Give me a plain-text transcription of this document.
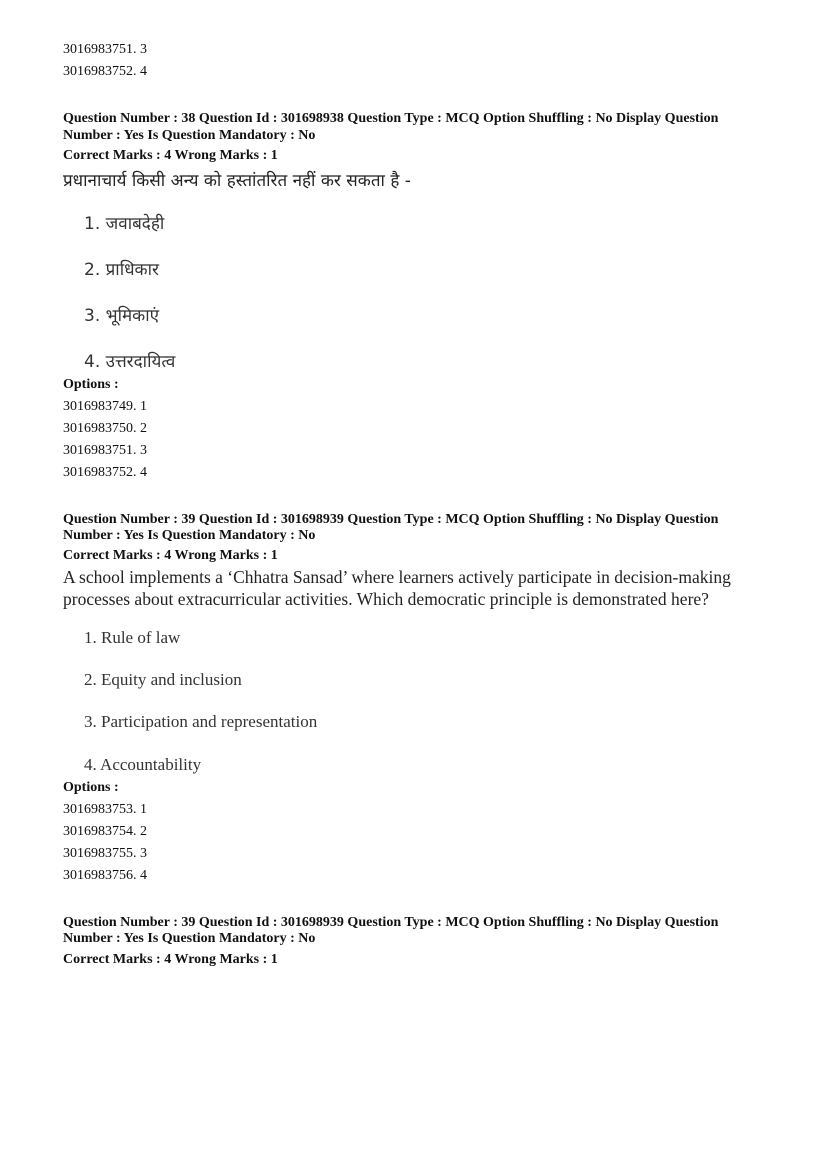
3016983751. 3
3016983752. 4
Question Number : 38 Question Id : 301698938 Question Type : MCQ Option Shuffling : No Display Question
Number : Yes Is Question Mandatory : No
Correct Marks : 4 Wrong Marks : 1
प्रधानाचार्य किसी अन्य को हस्तांतरित नहीं कर सकता है -
1. जवाबदेही
2. प्राधिकार
3. भूमिकाएं
4. उत्तरदायित्व
Options :
3016983749. 1
3016983750. 2
3016983751. 3
3016983752. 4
Question Number : 39 Question Id : 301698939 Question Type : MCQ Option Shuffling : No Display Question
Number : Yes Is Question Mandatory : No
Correct Marks : 4 Wrong Marks : 1
A school implements a ‘Chhatra Sansad’ where learners actively participate in decision-making
processes about extracurricular activities. Which democratic principle is demonstrated here?
1. Rule of law
2. Equity and inclusion
3. Participation and representation
4. Accountability
Options :
3016983753. 1
3016983754. 2
3016983755. 3
3016983756. 4
Question Number : 39 Question Id : 301698939 Question Type : MCQ Option Shuffling : No Display Question
Number : Yes Is Question Mandatory : No
Correct Marks : 4 Wrong Marks : 1
